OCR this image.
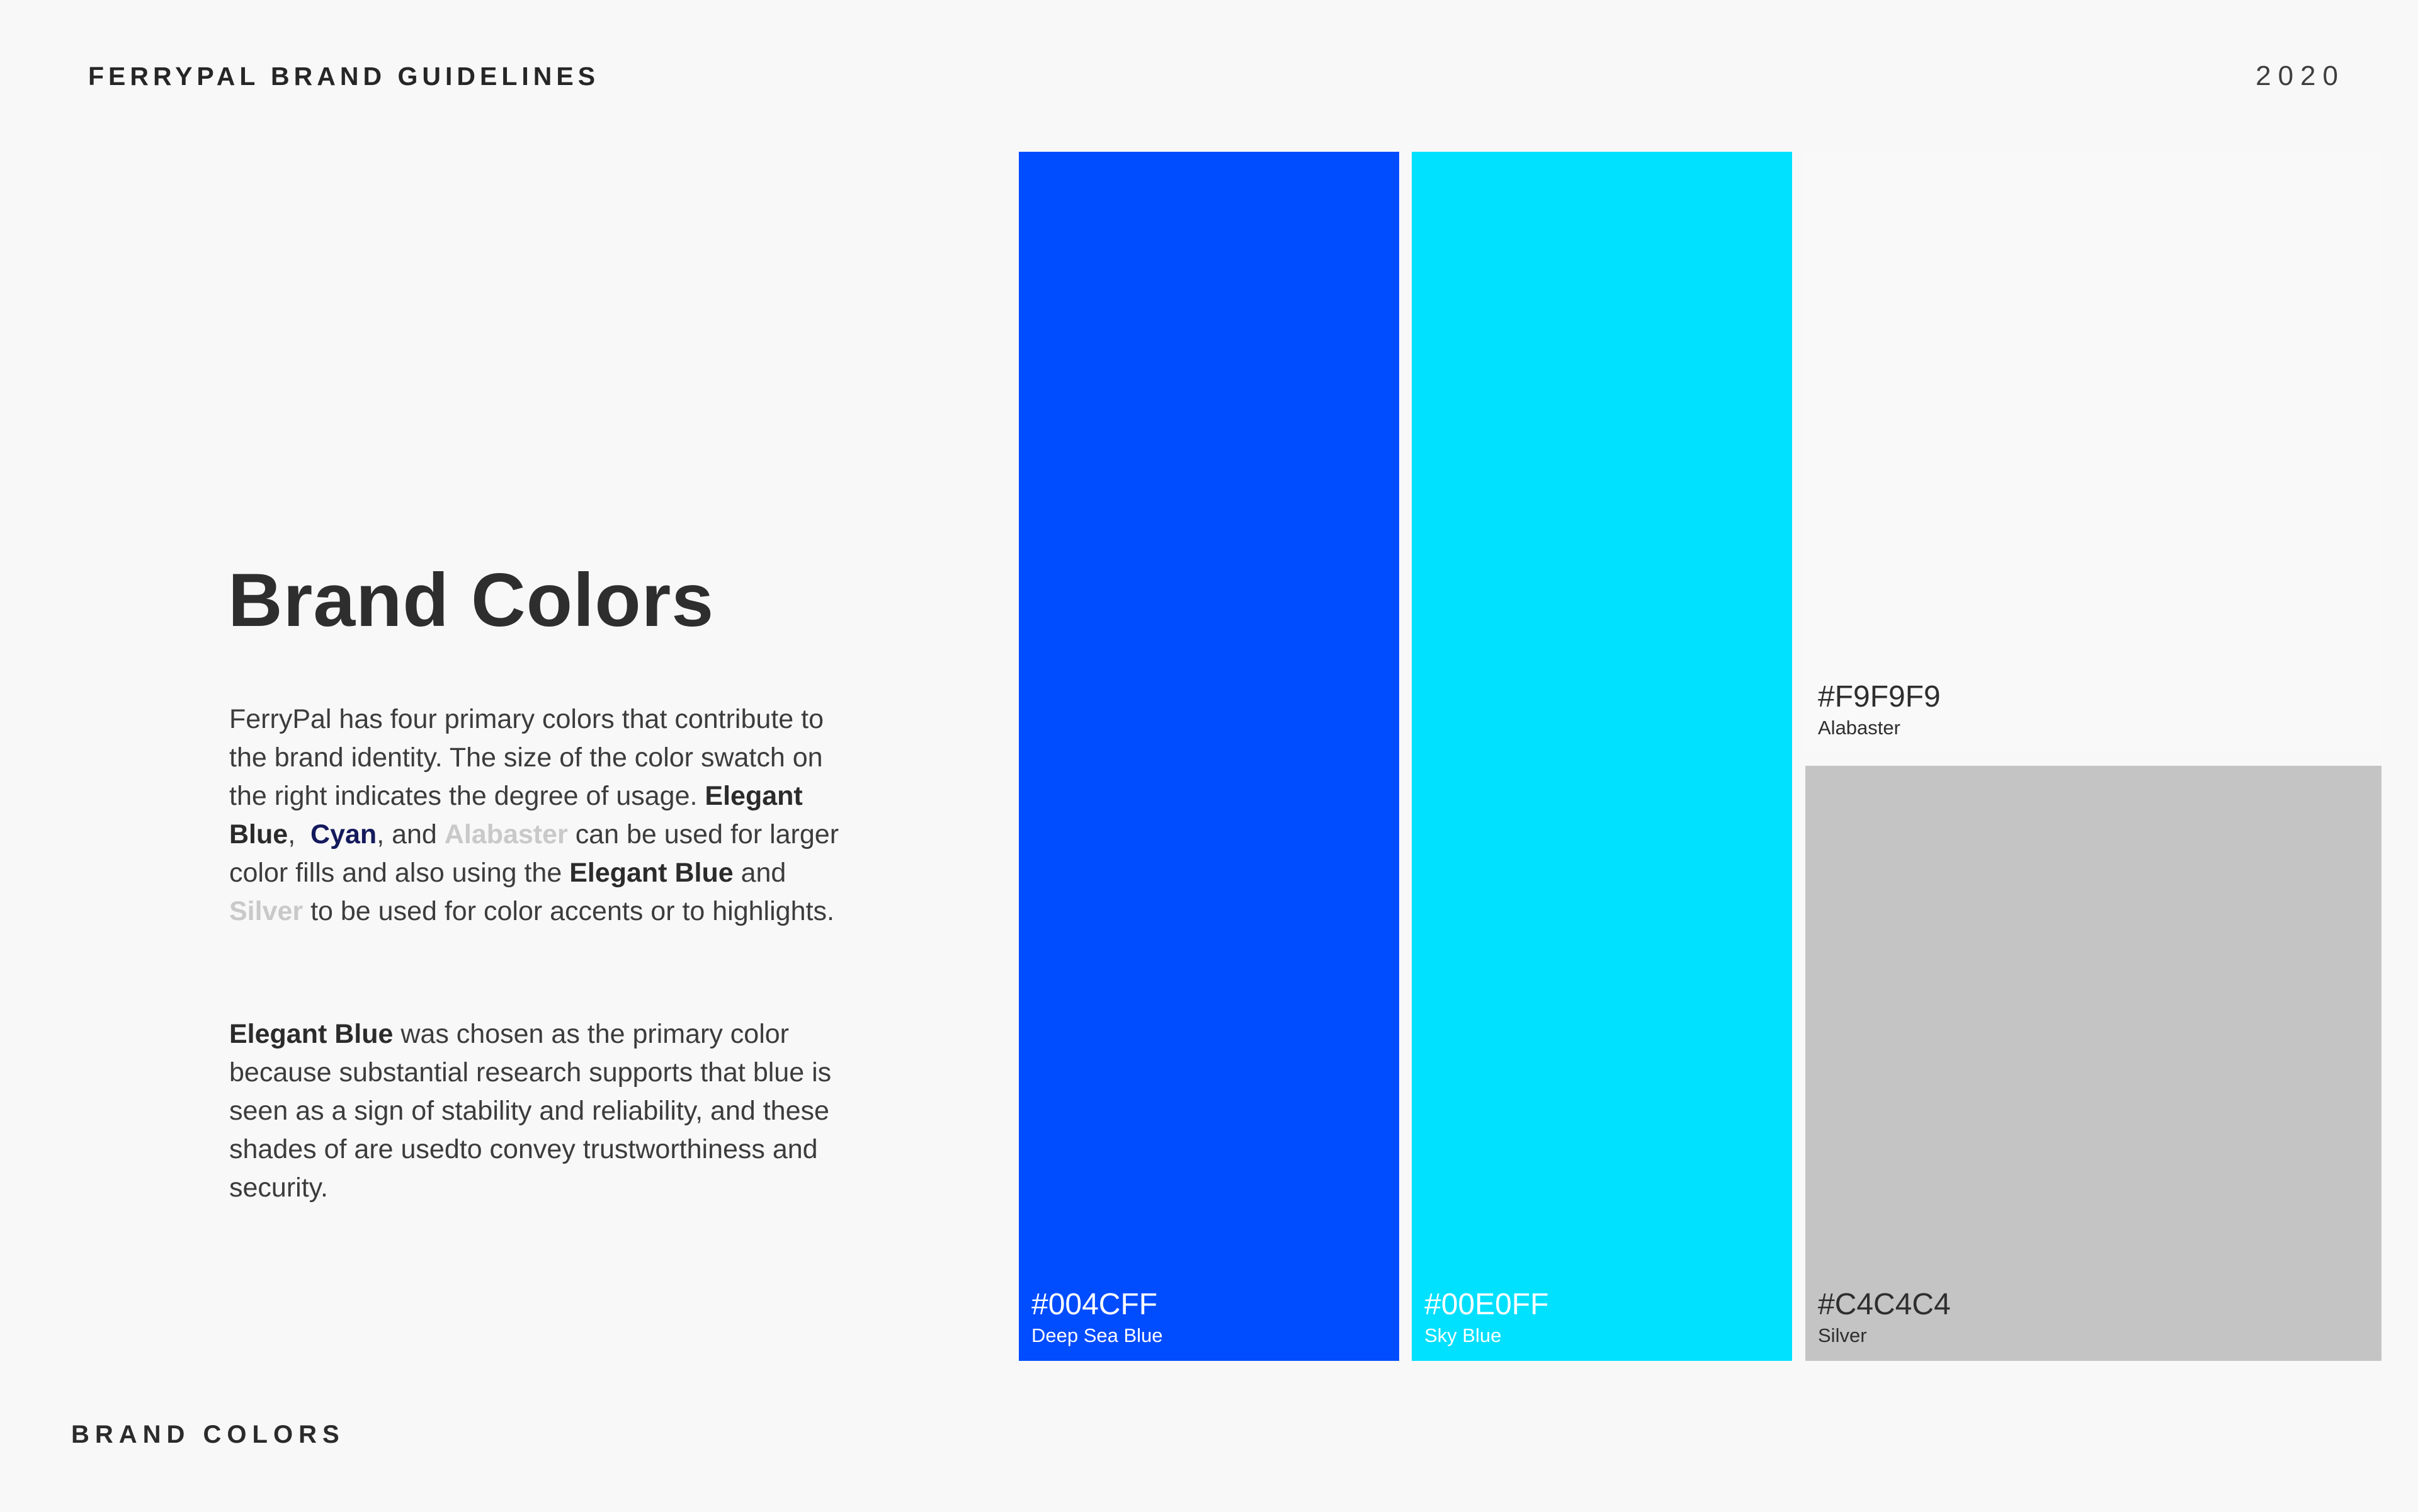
FERRYPAL BRAND GUIDELINES	2020
Brand Colors

FerryPal has four primary colors that contribute to the brand identity. The size of the color swatch on the right indicates the degree of usage. Elegant Blue,  Cyan, and Alabaster can be used for larger color fills and also using the Elegant Blue and Silver to be used for color accents or to highlights.

Elegant Blue was chosen as the primary color because substantial research supports that blue is seen as a sign of stability and reliability, and these shades of are usedto convey trustworthiness and security.

#004CFF
Deep Sea Blue
#00E0FF
Sky Blue
#F9F9F9
Alabaster
#C4C4C4
Silver
BRAND COLORS
